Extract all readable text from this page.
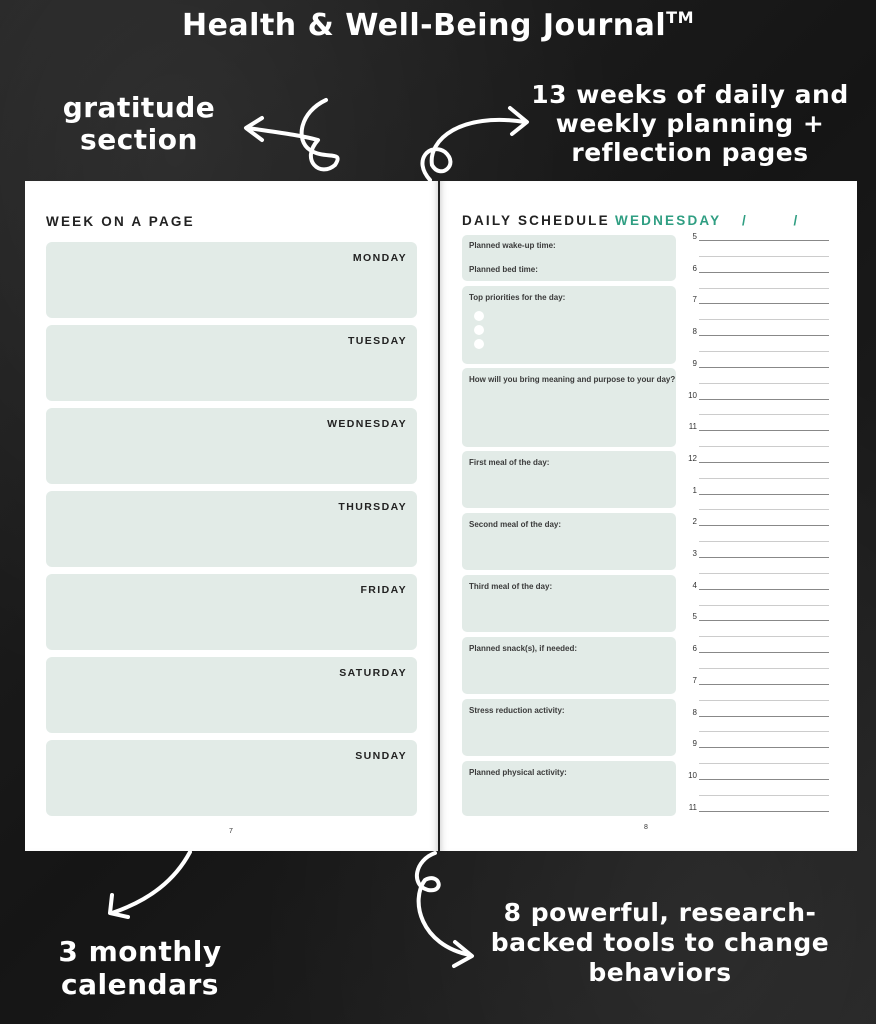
Health & Well-Being Journal™
gratitude section
13 weeks of daily and weekly planning + reflection pages
3 monthly calendars
8 powerful, research-backed tools to change behaviors
WEEK ON A PAGE
MONDAY
TUESDAY
WEDNESDAY
THURSDAY
FRIDAY
SATURDAY
SUNDAY
7
DAILY SCHEDULE WEDNESDAY / /
Planned wake-up time:
Planned bed time:
Top priorities for the day:
How will you bring meaning and purpose to your day?
First meal of the day:
Second meal of the day:
Third meal of the day:
Planned snack(s), if needed:
Stress reduction activity:
Planned physical activity:
5
6
7
8
9
10
11
12
1
2
3
4
5
6
7
8
9
10
11
8
